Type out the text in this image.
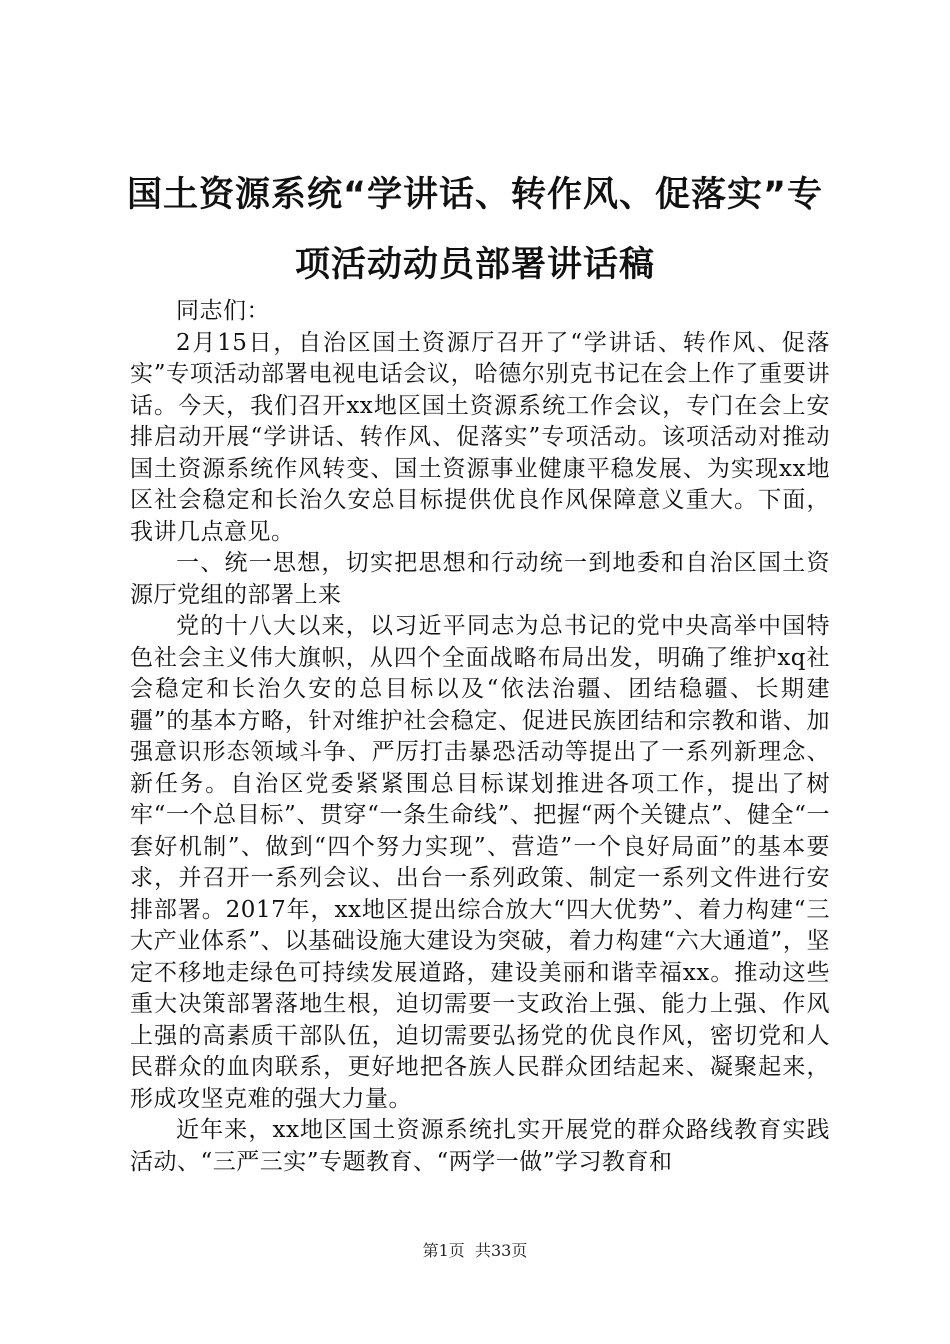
国土资源系统“学讲话、转作风、促落实”专
项活动动员部署讲话稿

同志们：

2月15日，自治区国土资源厅召开了“学讲话、转作风、促落实”专项活动部署电视电话会议，哈德尔别克书记在会上作了重要讲话。今天，我们召开xx地区国土资源系统工作会议，专门在会上安排启动开展“学讲话、转作风、促落实”专项活动。该项活动对推动国土资源系统作风转变、国土资源事业健康平稳发展、为实现xx地区社会稳定和长治久安总目标提供优良作风保障意义重大。下面，我讲几点意见。

一、统一思想，切实把思想和行动统一到地委和自治区国土资源厅党组的部署上来

党的十八大以来，以习近平同志为总书记的党中央高举中国特色社会主义伟大旗帜，从四个全面战略布局出发，明确了维护xq社会稳定和长治久安的总目标以及“依法治疆、团结稳疆、长期建疆”的基本方略，针对维护社会稳定、促进民族团结和宗教和谐、加强意识形态领域斗争、严厉打击暴恐活动等提出了一系列新理念、新任务。自治区党委紧紧围总目标谋划推进各项工作，提出了树牢“一个总目标”、贯穿“一条生命线”、把握“两个关键点”、健全“一套好机制”、做到“四个努力实现”、营造”一个良好局面”的基本要求，并召开一系列会议、出台一系列政策、制定一系列文件进行安排部署。2017年，xx地区提出综合放大“四大优势”、着力构建“三大产业体系”、以基础设施大建设为突破，着力构建“六大通道”，坚定不移地走绿色可持续发展道路，建设美丽和谐幸福xx。推动这些重大决策部署落地生根，迫切需要一支政治上强、能力上强、作风上强的高素质干部队伍，迫切需要弘扬党的优良作风，密切党和人民群众的血肉联系，更好地把各族人民群众团结起来、凝聚起来，形成攻坚克难的强大力量。

近年来，xx地区国土资源系统扎实开展党的群众路线教育实践活动、“三严三实”专题教育、“两学一做”学习教育和

第1页 共33页
